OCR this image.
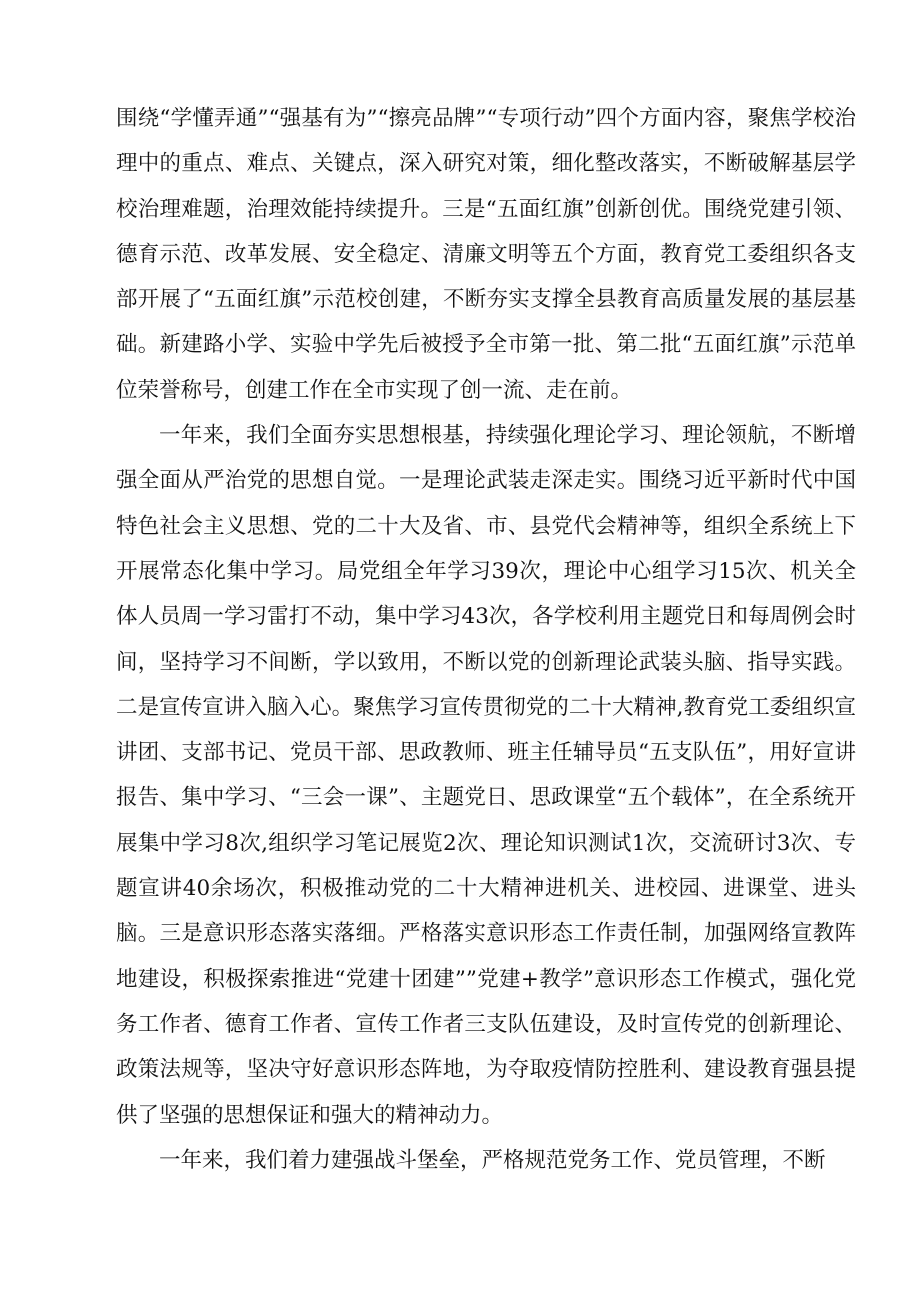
围绕“学懂弄通”“强基有为”“擦亮品牌”“专项行动”四个方面内容，聚焦学校治理中的重点、难点、关键点，深入研究对策，细化整改落实，不断破解基层学校治理难题，治理效能持续提升。三是“五面红旗”创新创优。围绕党建引领、德育示范、改革发展、安全稳定、清廉文明等五个方面，教育党工委组织各支部开展了“五面红旗”示范校创建，不断夯实支撑全县教育高质量发展的基层基础。新建路小学、实验中学先后被授予全市第一批、第二批“五面红旗”示范单位荣誉称号，创建工作在全市实现了创一流、走在前。

一年来，我们全面夯实思想根基，持续强化理论学习、理论领航，不断增强全面从严治党的思想自觉。一是理论武装走深走实。围绕习近平新时代中国特色社会主义思想、党的二十大及省、市、县党代会精神等，组织全系统上下开展常态化集中学习。局党组全年学习39次，理论中心组学习15次、机关全体人员周一学习雷打不动，集中学习43次，各学校利用主题党日和每周例会时间，坚持学习不间断，学以致用，不断以党的创新理论武装头脑、指导实践。二是宣传宣讲入脑入心。聚焦学习宣传贯彻党的二十大精神,教育党工委组织宣讲团、支部书记、党员干部、思政教师、班主任辅导员“五支队伍”，用好宣讲报告、集中学习、“三会一课”、主题党日、思政课堂“五个载体”，在全系统开展集中学习8次,组织学习笔记展览2次、理论知识测试1次，交流研讨3次、专题宣讲40余场次，积极推动党的二十大精神进机关、进校园、进课堂、进头脑。三是意识形态落实落细。严格落实意识形态工作责任制，加强网络宣教阵地建设，积极探索推进“党建十团建””党建+教学”意识形态工作模式，强化党务工作者、德育工作者、宣传工作者三支队伍建设，及时宣传党的创新理论、政策法规等，坚决守好意识形态阵地，为夺取疫情防控胜利、建设教育强县提供了坚强的思想保证和强大的精神动力。

一年来，我们着力建强战斗堡垒，严格规范党务工作、党员管理，不断
